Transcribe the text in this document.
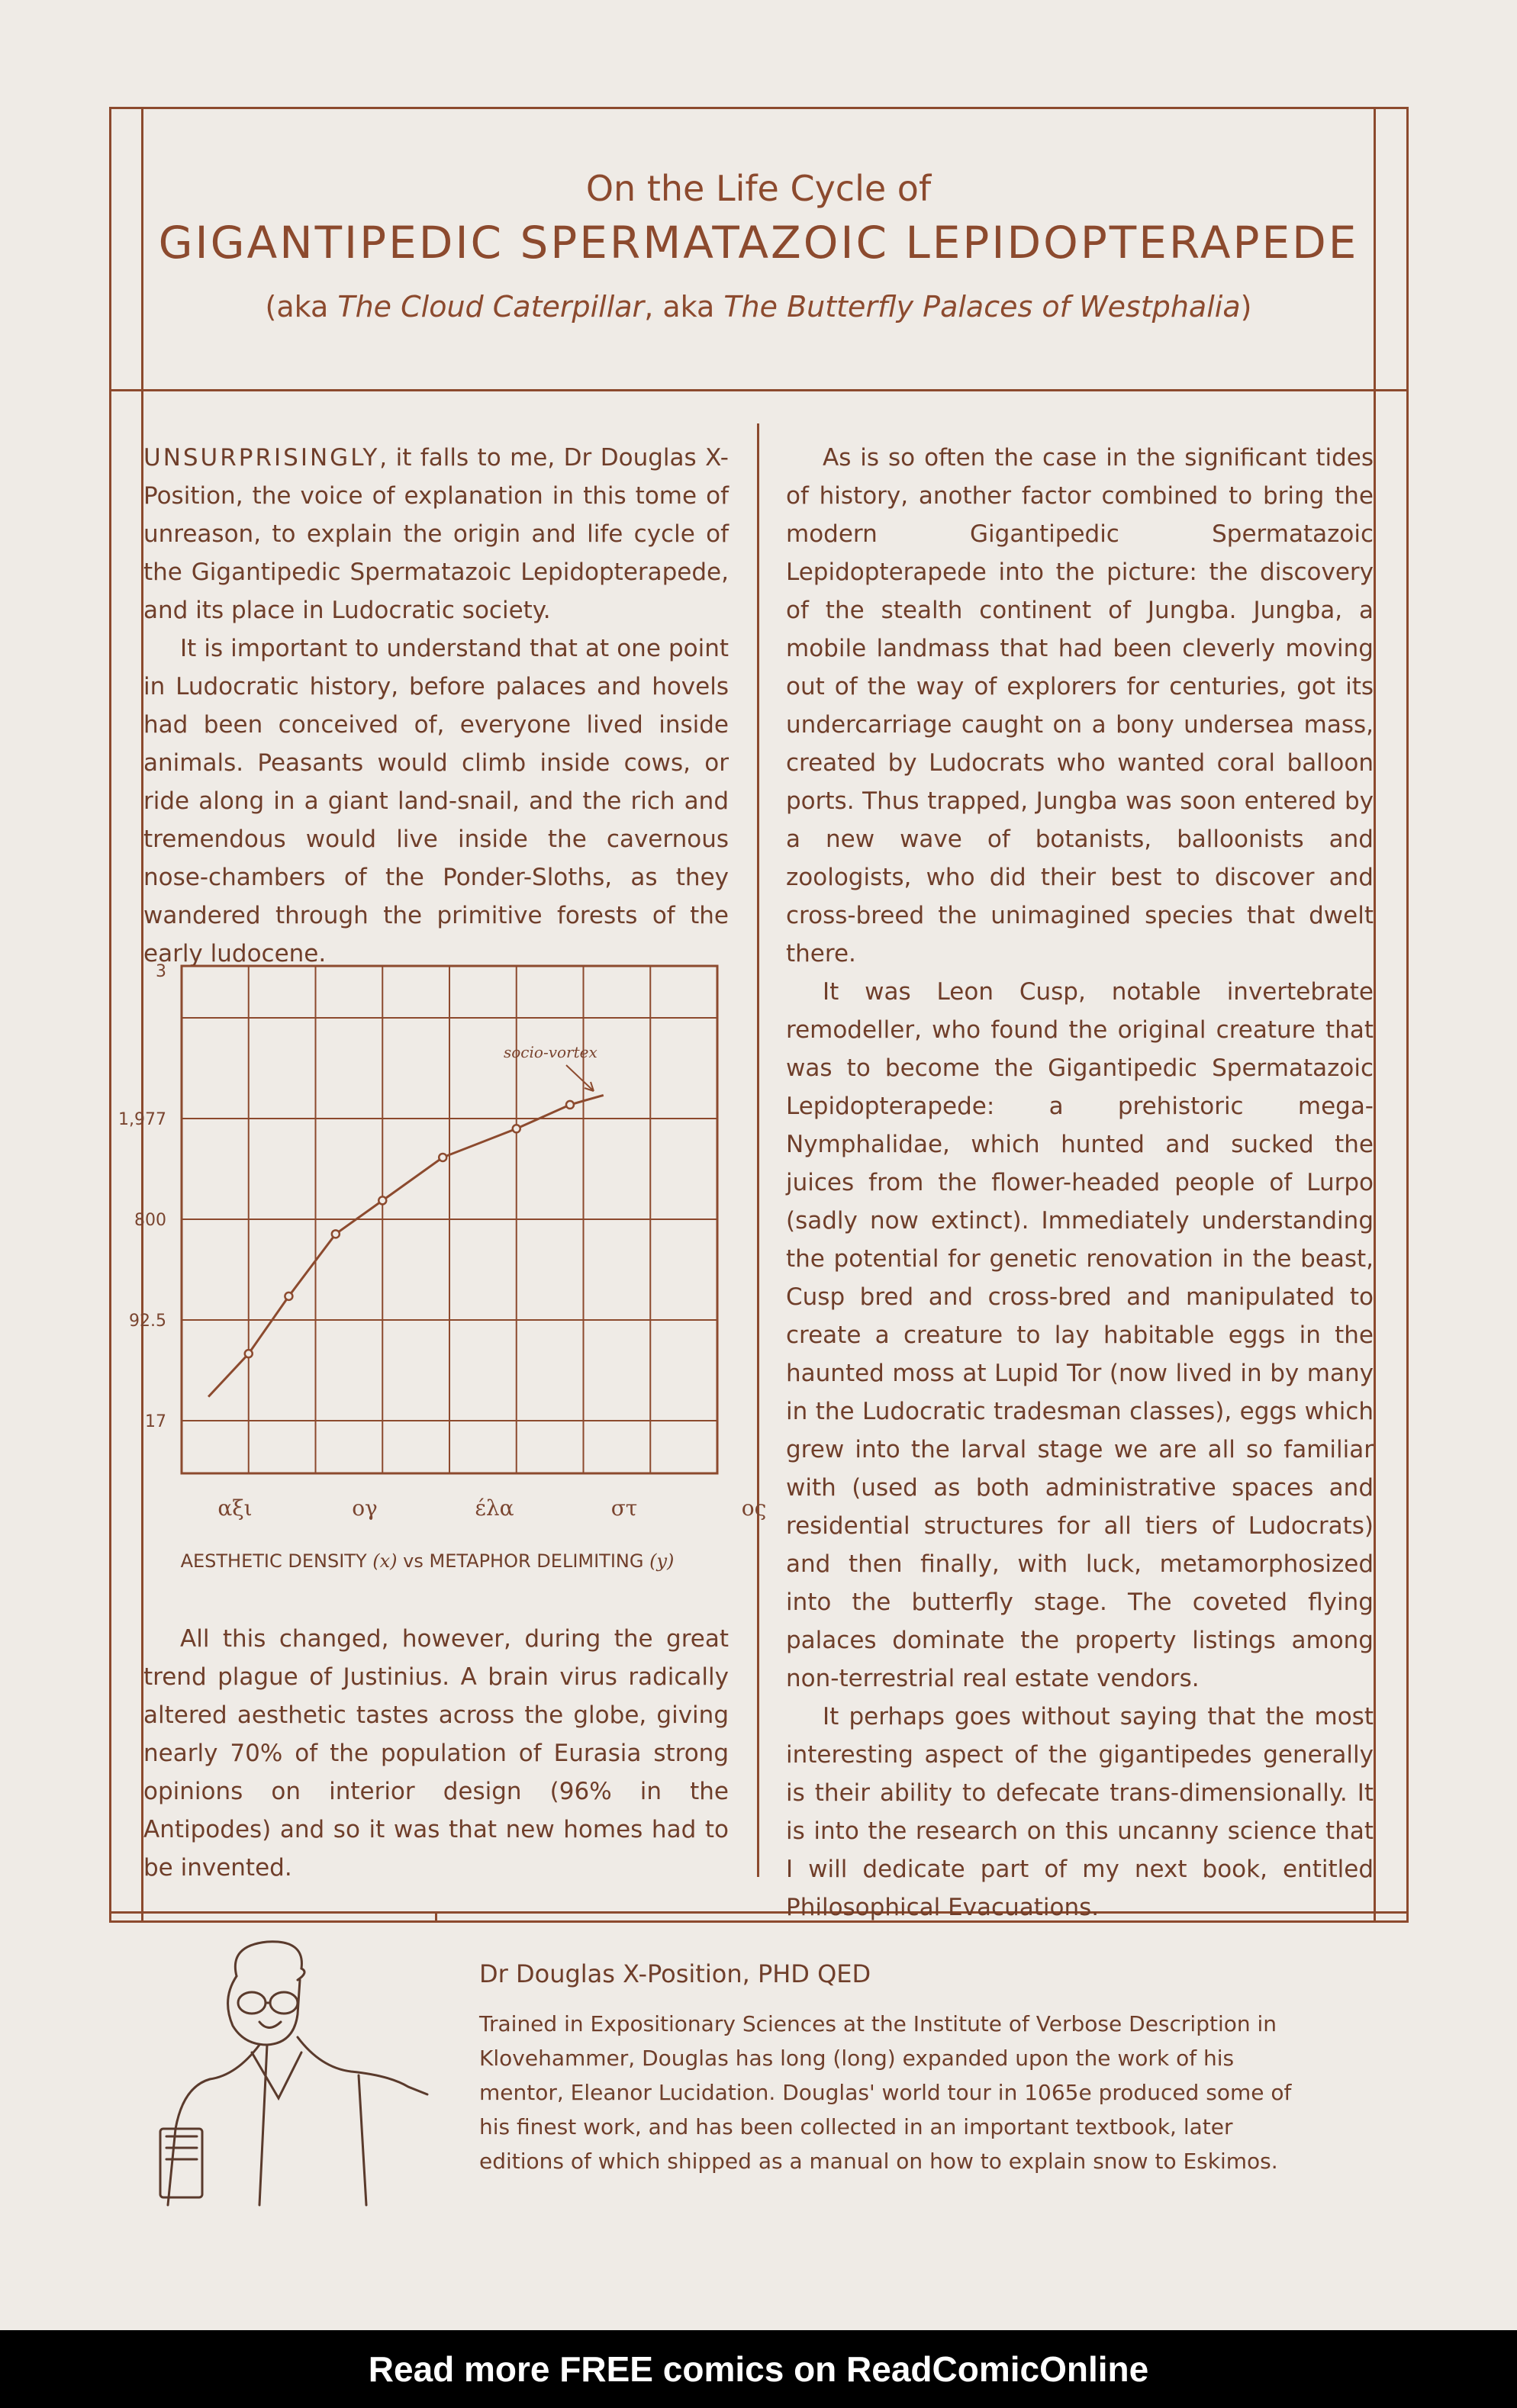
On the Life Cycle of

GIGANTIPEDIC SPERMATAZOIC LEPIDOPTERAPEDE

(aka The Cloud Caterpillar, aka The Butterfly Palaces of Westphalia)

UNSURPRISINGLY, it falls to me, Dr Douglas X-Position, the voice of explanation in this tome of unreason, to explain the origin and life cycle of the Gigantipedic Spermatazoic Lepidopterapede, and its place in Ludocratic society.

It is important to understand that at one point in Ludocratic history, before palaces and hovels had been conceived of, everyone lived inside animals. Peasants would climb inside cows, or ride along in a giant land-snail, and the rich and tremendous would live inside the cavernous nose-chambers of the Ponder-Sloths, as they wandered through the primitive forests of the early ludocene.

3
1,977
800
92.5
17
αξι	ογ	έλα	στ	ος
socio-vortex
AESTHETIC DENSITY (x) vs METAPHOR DELIMITING (y)

All this changed, however, during the great trend plague of Justinius. A brain virus radically altered aesthetic tastes across the globe, giving nearly 70% of the population of Eurasia strong opinions on interior design (96% in the Antipodes) and so it was that new homes had to be invented.

As is so often the case in the significant tides of history, another factor combined to bring the modern Gigantipedic Spermatazoic Lepidopterapede into the picture: the discovery of the stealth continent of Jungba. Jungba, a mobile landmass that had been cleverly moving out of the way of explorers for centuries, got its undercarriage caught on a bony undersea mass, created by Ludocrats who wanted coral balloon ports. Thus trapped, Jungba was soon entered by a new wave of botanists, balloonists and zoologists, who did their best to discover and cross-breed the unimagined species that dwelt there.

It was Leon Cusp, notable invertebrate remodeller, who found the original creature that was to become the Gigantipedic Spermatazoic Lepidopterapede: a prehistoric mega-Nymphalidae, which hunted and sucked the juices from the flower-headed people of Lurpo (sadly now extinct). Immediately understanding the potential for genetic renovation in the beast, Cusp bred and cross-bred and manipulated to create a creature to lay habitable eggs in the haunted moss at Lupid Tor (now lived in by many in the Ludocratic tradesman classes), eggs which grew into the larval stage we are all so familiar with (used as both administrative spaces and residential structures for all tiers of Ludocrats) and then finally, with luck, metamorphosized into the butterfly stage. The coveted flying palaces dominate the property listings among non-terrestrial real estate vendors.

It perhaps goes without saying that the most interesting aspect of the gigantipedes generally is their ability to defecate trans-dimensionally. It is into the research on this uncanny science that I will dedicate part of my next book, entitled Philosophical Evacuations.

Dr Douglas X-Position, PHD QED

Trained in Expositionary Sciences at the Institute of Verbose Description in Klovehammer, Douglas has long (long) expanded upon the work of his mentor, Eleanor Lucidation. Douglas' world tour in 1065e produced some of his finest work, and has been collected in an important textbook, later editions of which shipped as a manual on how to explain snow to Eskimos.
Read more FREE comics on ReadComicOnline
